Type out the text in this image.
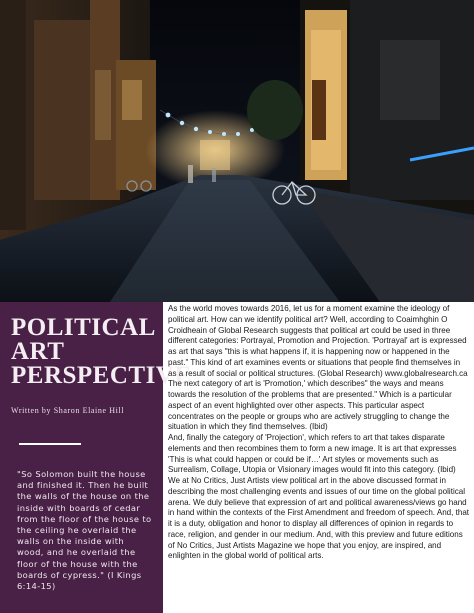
POLITICAL
ART
PERSPECTIVE
Written by Sharon Elaine Hill
"So Solomon built the house and finished it. Then he built the walls of the house on the inside with boards of cedar from the floor of the house to the ceiling he overlaid the walls on the inside with wood, and he overlaid the floor of the house with the boards of cypress." (I Kings 6:14-15)

As the world moves towards 2016, let us for a moment examine the ideology of political art. How can we identify political art? Well, according to Coaimhghin O Croidheain of Global Research suggests that political art could be used in three different categories: Portrayal, Promotion and Projection. 'Portrayal' art is expressed as art that says "this is what happens if, it is happening now or happened in the past." This kind of art examines events or situations that people find themselves in as a result of social or political structures. (Global Research) www.globalresearch.ca

The next category of art is 'Promotion,' which describes" the ways and means towards the resolution of the problems that are presented." Which is a particular aspect of an event highlighted over other aspects. This particular aspect concentrates on the people or groups who are actively struggling to change the situation in which they find themselves. (Ibid)

And, finally the category of 'Projection', which refers to art that takes disparate elements and then recombines them to form a new image. It is art that expresses 'This is what could happen or could be if…' Art styles or movements such as Surrealism, Collage, Utopia or Visionary images would fit into this category. (Ibid)

We at No Critics, Just Artists view political art in the above discussed format in describing the most challenging events and issues of our time on the global political arena. We duly believe that expression of art and political awareness/views go hand in hand within the contexts of the First Amendment and freedom of speech. And, that it is a duty, obligation and honor to display all differences of opinion in regards to race, religion, and gender in our medium. And, with this preview and future editions of No Critics, Just Artists Magazine we hope that you enjoy, are inspired, and enlighten in the global world of political arts.
